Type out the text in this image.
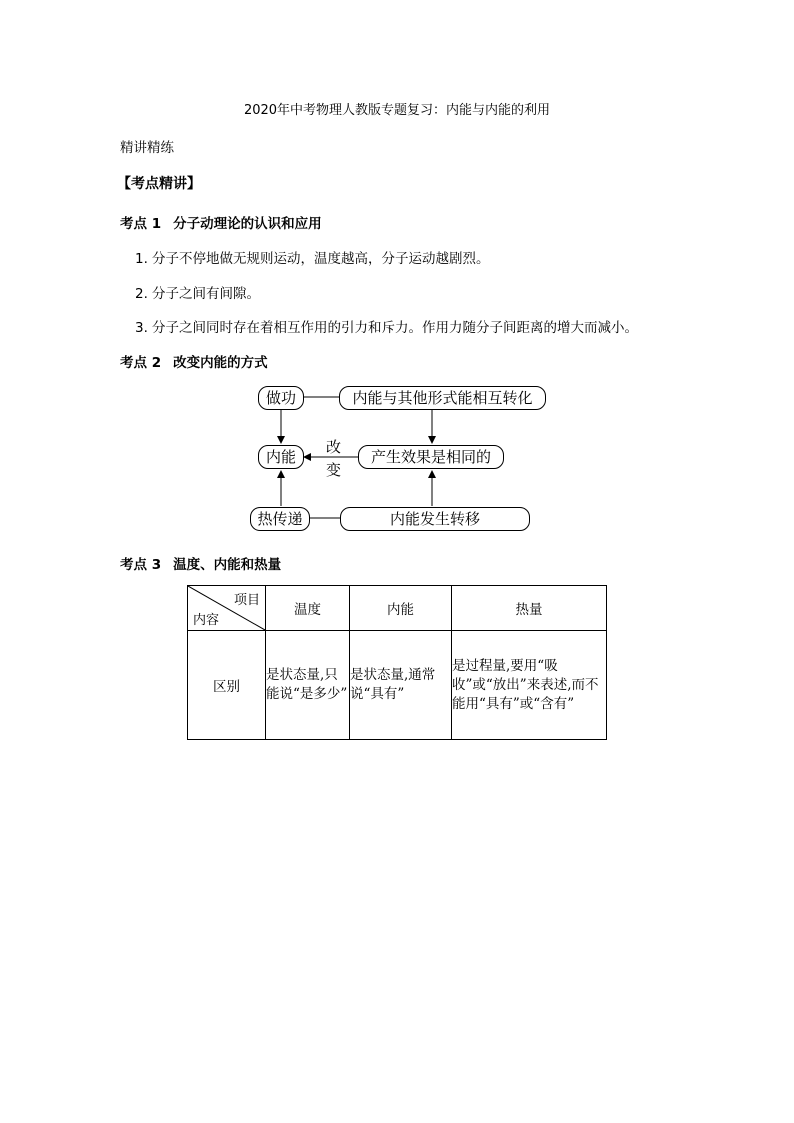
2020年中考物理人教版专题复习：内能与内能的利用
精讲精练
【考点精讲】
考点 1 分子动理论的认识和应用
1. 分子不停地做无规则运动，温度越高，分子运动越剧烈。
2. 分子之间有间隙。
3. 分子之间同时存在着相互作用的引力和斥力。作用力随分子间距离的增大而减小。
考点 2 改变内能的方式
做功	内能与其他形式能相互转化
内能
改
变
产生效果是相同的
热传递	内能发生转移
考点 3 温度、内能和热量
项目
内容	温度	内能	热量
区别	是状态量,只能说“是多少”	是状态量,通常说“具有”	是过程量,要用“吸收”或“放出”来表述,而不能用“具有”或“含有”
